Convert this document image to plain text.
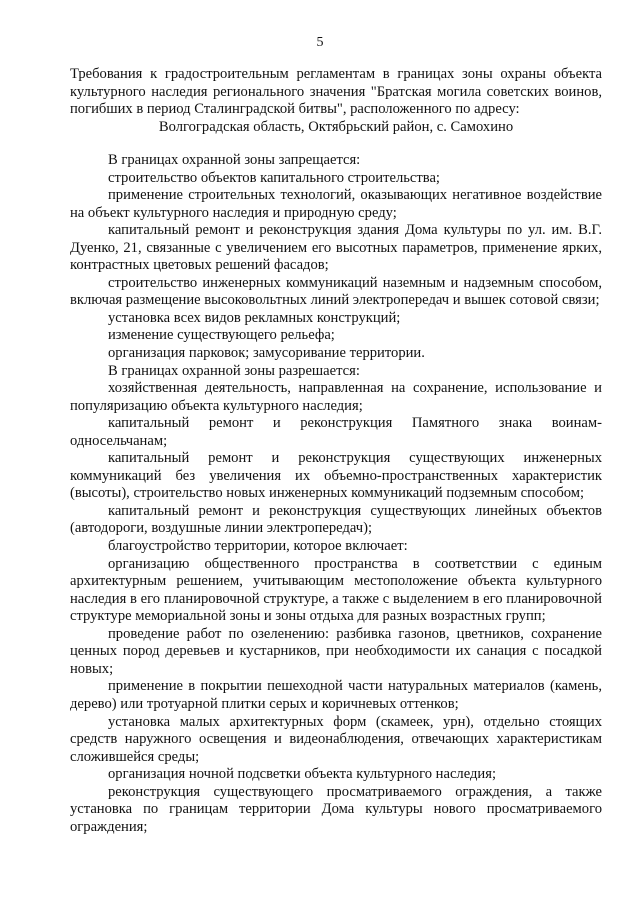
5
Требования к градостроительным регламентам в границах зоны охраны объекта культурного наследия регионального значения "Братская могила советских воинов, погибших в период Сталинградской битвы", расположенного по адресу:
Волгоградская область, Октябрьский район, с. Самохино

В границах охранной зоны запрещается:

строительство объектов капитального строительства;

применение строительных технологий, оказывающих негативное воздействие на объект культурного наследия и природную среду;

капитальный ремонт и реконструкция здания Дома культуры по ул. им. В.Г. Дуенко, 21, связанные с увеличением его высотных параметров, применение ярких, контрастных цветовых решений фасадов;

строительство инженерных коммуникаций наземным и надземным способом, включая размещение высоковольтных линий электропередач и вышек сотовой связи;

установка всех видов рекламных конструкций;

изменение существующего рельефа;

организация парковок; замусоривание территории.

В границах охранной зоны разрешается:

хозяйственная деятельность, направленная на сохранение, использование и популяризацию объекта культурного наследия;

капитальный ремонт и реконструкция Памятного знака воинам-односельчанам;

капитальный ремонт и реконструкция существующих инженерных коммуникаций без увеличения их объемно-пространственных характеристик (высоты), строительство новых инженерных коммуникаций подземным способом;

капитальный ремонт и реконструкция существующих линейных объектов (автодороги, воздушные линии электропередач);

благоустройство территории, которое включает:

организацию общественного пространства в соответствии с единым архитектурным решением, учитывающим местоположение объекта культурного наследия в его планировочной структуре, а также с выделением в его планировочной структуре мемориальной зоны и зоны отдыха для разных возрастных групп;

проведение работ по озеленению: разбивка газонов, цветников, сохранение ценных пород деревьев и кустарников, при необходимости их санация с посадкой новых;

применение в покрытии пешеходной части натуральных материалов (камень, дерево) или тротуарной плитки серых и коричневых оттенков;

установка малых архитектурных форм (скамеек, урн), отдельно стоящих средств наружного освещения и видеонаблюдения, отвечающих характеристикам сложившейся среды;

организация ночной подсветки объекта культурного наследия;

реконструкция существующего просматриваемого ограждения, а также установка по границам территории Дома культуры нового просматриваемого ограждения;
